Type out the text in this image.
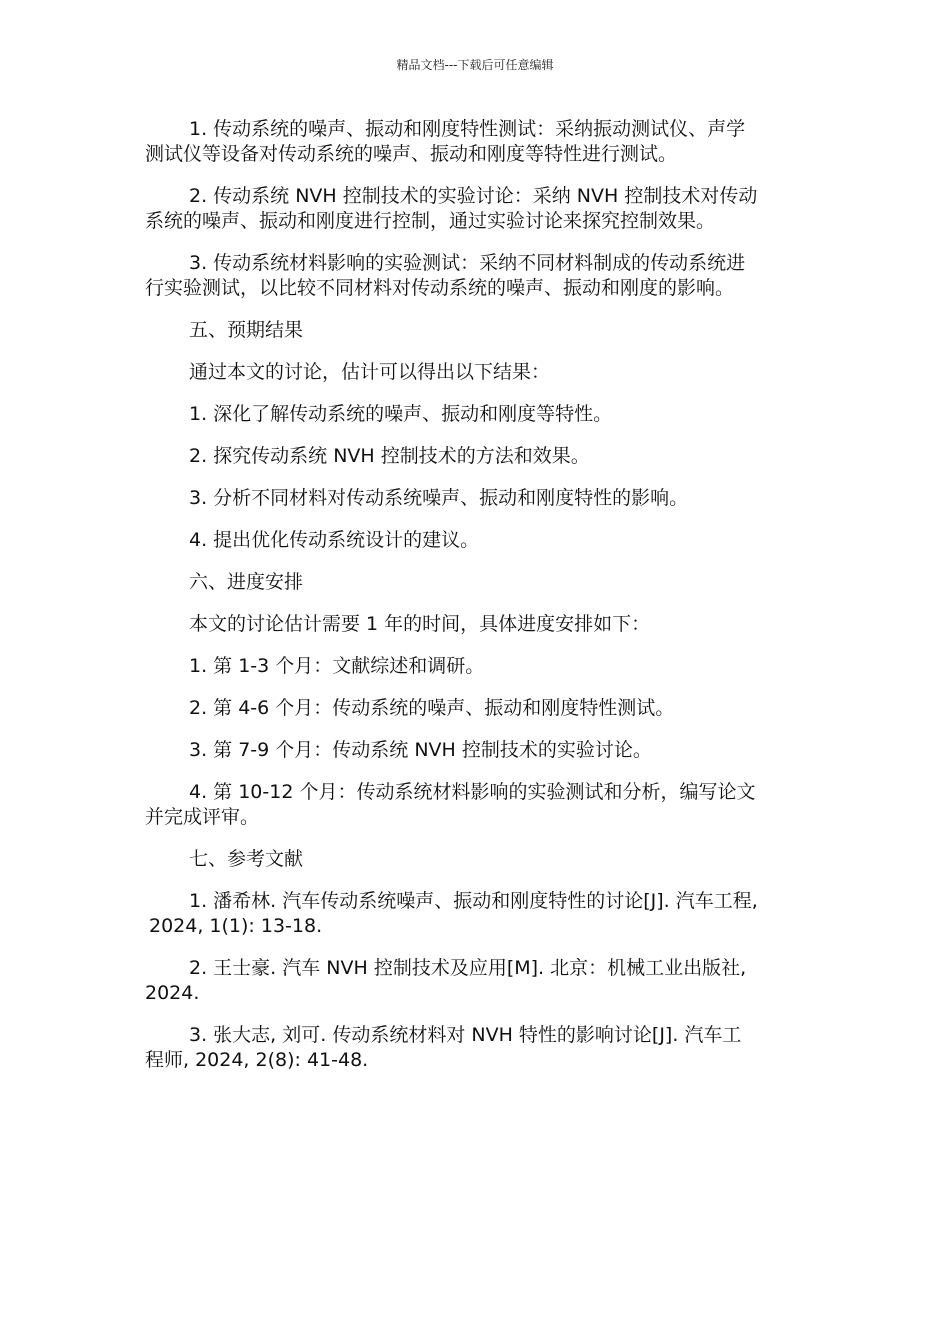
精品文档---下载后可任意编辑

1. 传动系统的噪声、振动和刚度特性测试：采纳振动测试仪、声学
测试仪等设备对传动系统的噪声、振动和刚度等特性进行测试。

2. 传动系统 NVH 控制技术的实验讨论：采纳 NVH 控制技术对传动
系统的噪声、振动和刚度进行控制，通过实验讨论来探究控制效果。

3. 传动系统材料影响的实验测试：采纳不同材料制成的传动系统进
行实验测试，以比较不同材料对传动系统的噪声、振动和刚度的影响。

五、预期结果

通过本文的讨论，估计可以得出以下结果：

1. 深化了解传动系统的噪声、振动和刚度等特性。

2. 探究传动系统 NVH 控制技术的方法和效果。

3. 分析不同材料对传动系统噪声、振动和刚度特性的影响。

4. 提出优化传动系统设计的建议。

六、进度安排

本文的讨论估计需要 1 年的时间，具体进度安排如下：

1. 第 1-3 个月：文献综述和调研。

2. 第 4-6 个月：传动系统的噪声、振动和刚度特性测试。

3. 第 7-9 个月：传动系统 NVH 控制技术的实验讨论。

4. 第 10-12 个月：传动系统材料影响的实验测试和分析，编写论文
并完成评审。

七、参考文献

1. 潘希林. 汽车传动系统噪声、振动和刚度特性的讨论[J]. 汽车工程,
2024, 1(1): 13-18.

2. 王士豪. 汽车 NVH 控制技术及应用[M]. 北京：机械工业出版社,
2024.

3. 张大志, 刘可. 传动系统材料对 NVH 特性的影响讨论[J]. 汽车工
程师, 2024, 2(8): 41-48.
